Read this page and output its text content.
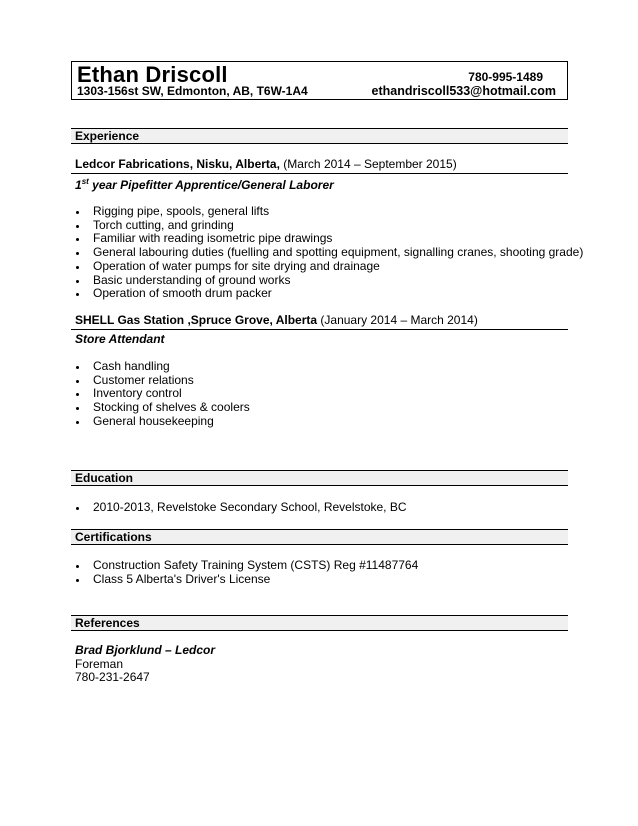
Ethan Driscoll	780-995-1489
1303-156st SW, Edmonton, AB, T6W-1A4	ethandriscoll533@hotmail.com
Experience
Ledcor Fabrications, Nisku, Alberta, (March 2014 – September 2015)
1st year Pipefitter Apprentice/General Laborer
Rigging pipe, spools, general lifts
Torch cutting, and grinding
Familiar with reading isometric pipe drawings
General labouring duties (fuelling and spotting equipment, signalling cranes, shooting grade)
Operation of water pumps for site drying and drainage
Basic understanding of ground works
Operation of smooth drum packer
SHELL Gas Station ,Spruce Grove, Alberta (January 2014 – March 2014)
Store Attendant
Cash handling
Customer relations
Inventory control
Stocking of shelves & coolers
General housekeeping
Education
2010-2013, Revelstoke Secondary School, Revelstoke, BC
Certifications
Construction Safety Training System (CSTS) Reg #11487764
Class 5 Alberta's Driver's License
References
Brad Bjorklund – Ledcor
Foreman
780-231-2647
